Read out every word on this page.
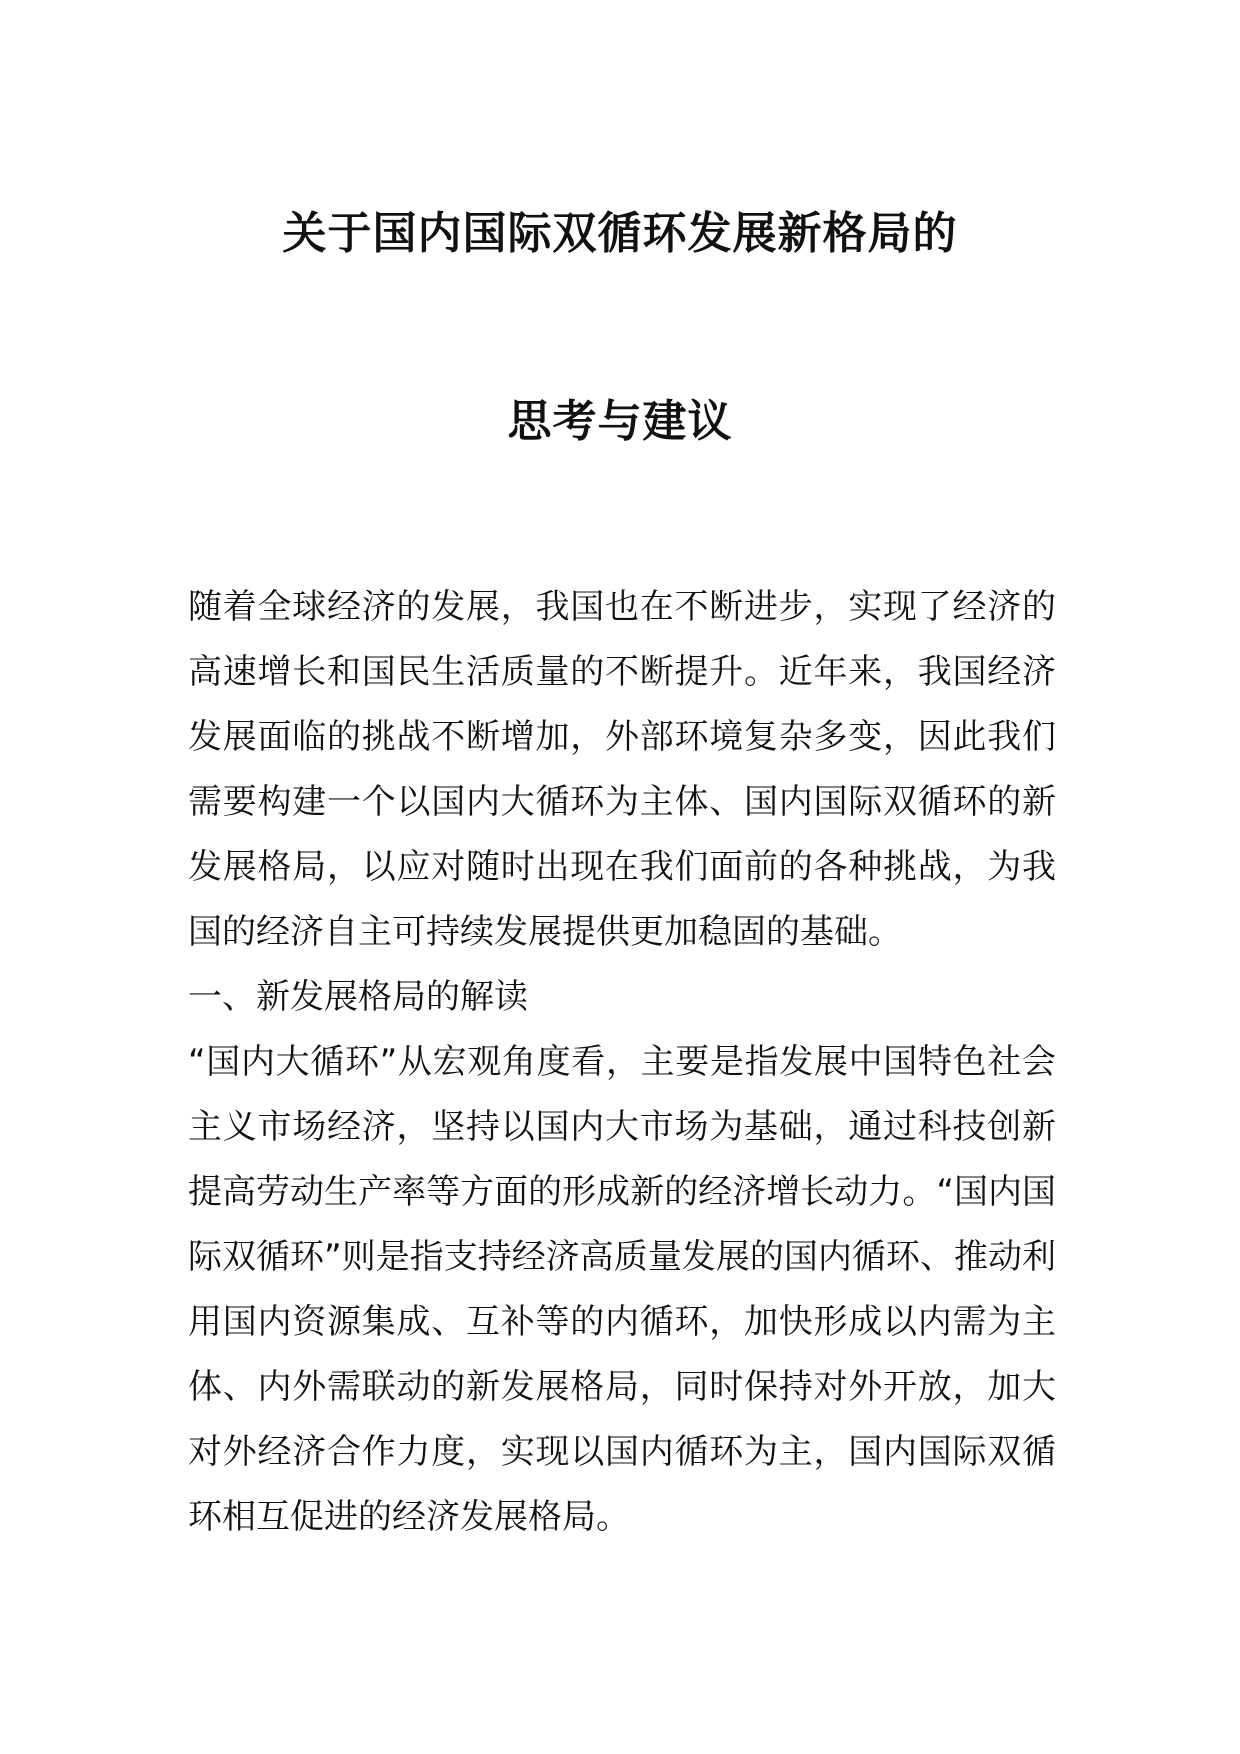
关于国内国际双循环发展新格局的
思考与建议

随着全球经济的发展，我国也在不断进步，实现了经济的高速增长和国民生活质量的不断提升。近年来，我国经济发展面临的挑战不断增加，外部环境复杂多变，因此我们需要构建一个以国内大循环为主体、国内国际双循环的新发展格局，以应对随时出现在我们面前的各种挑战，为我国的经济自主可持续发展提供更加稳固的基础。

一、新发展格局的解读

“国内大循环”从宏观角度看，主要是指发展中国特色社会主义市场经济，坚持以国内大市场为基础，通过科技创新提高劳动生产率等方面的形成新的经济增长动力。“国内国际双循环”则是指支持经济高质量发展的国内循环、推动利用国内资源集成、互补等的内循环，加快形成以内需为主体、内外需联动的新发展格局，同时保持对外开放，加大对外经济合作力度，实现以国内循环为主，国内国际双循环相互促进的经济发展格局。
